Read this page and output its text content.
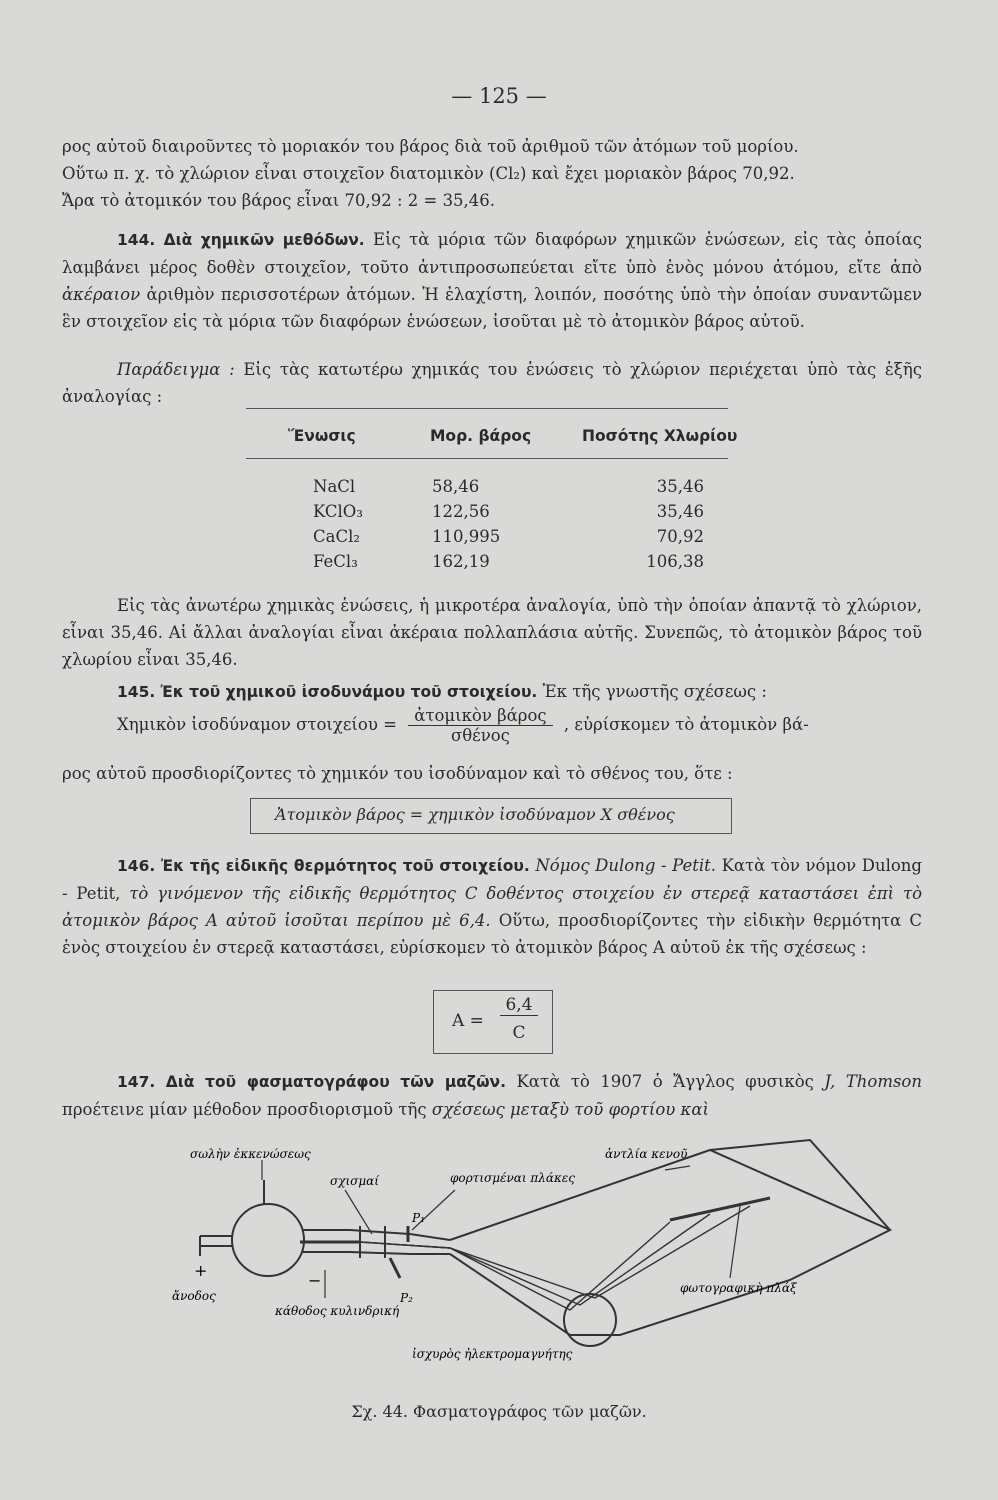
— 125 —
ρος αὐτοῦ διαιροῦντες τὸ μοριακόν του βάρος διὰ τοῦ ἀριθμοῦ τῶν ἀτόμων τοῦ μορίου.
Οὕτω π. χ. τὸ χλώριον εἶναι στοιχεῖον διατομικὸν (Cl₂) καὶ ἔχει μοριακὸν βάρος 70,92.
Ἄρα τὸ ἀτομικόν του βάρος εἶναι 70,92 : 2 = 35,46.
144. Διὰ χημικῶν μεθόδων. Εἰς τὰ μόρια τῶν διαφόρων χημικῶν ἑνώσεων, εἰς τὰς ὁποίας λαμβάνει μέρος δοθὲν στοιχεῖον, τοῦτο ἀντιπροσωπεύεται εἴτε ὑπὸ ἑνὸς μόνου ἀτόμου, εἴτε ἀπὸ ἀκέραιον ἀριθμὸν περισσοτέρων ἀτόμων. Ἡ ἐλαχίστη, λοιπόν, ποσότης ὑπὸ τὴν ὁποίαν συναντῶμεν ἓν στοιχεῖον εἰς τὰ μόρια τῶν διαφόρων ἑνώσεων, ἰσοῦται μὲ τὸ ἀτομικὸν βάρος αὐτοῦ.
Παράδειγμα : Εἰς τὰς κατωτέρω χημικάς του ἑνώσεις τὸ χλώριον περιέχεται ὑπὸ τὰς ἑξῆς ἀναλογίας :
Ἕνωσις	Μορ. βάρος	Ποσότης Χλωρίου
NaCl	58,46	35,46
KClO₃	122,56	35,46
CaCl₂	110,995	70,92
FeCl₃	162,19	106,38
Εἰς τὰς ἀνωτέρω χημικὰς ἑνώσεις, ἡ μικροτέρα ἀναλογία, ὑπὸ τὴν ὁποίαν ἀπαντᾷ τὸ χλώριον, εἶναι 35,46. Αἱ ἄλλαι ἀναλογίαι εἶναι ἀκέραια πολλαπλάσια αὐτῆς. Συνεπῶς, τὸ ἀτομικὸν βάρος τοῦ χλωρίου εἶναι 35,46.
145. Ἐκ τοῦ χημικοῦ ἰσοδυνάμου τοῦ στοιχείου. Ἐκ τῆς γνωστῆς σχέσεως :
Χημικὸν ἰσοδύναμον $\sigma\tau o\iota\chi\varepsilon ίo\upsilon = \frac{\text{ἀτομικὸν βάρος}}{\text{σθένος}}$ , εὑρίσκομεν τὸ ἀτομικὸν βά-
ρος αὐτοῦ προσδιορίζοντες τὸ χημικόν του ἰσοδύναμον καὶ τὸ σθένος του, ὅτε :
Ἀτομικὸν βάρος = χημικὸν ἰσοδύναμον Χ σθένος
146. Ἐκ τῆς εἰδικῆς θερμότητος τοῦ στοιχείου. Νόμος Dulong - Petit. Κατὰ τὸν νόμον Dulong - Petit, τὸ γινόμενον τῆς εἰδικῆς θερμότητος C δοθέντος στοιχείου ἐν στερεᾷ καταστάσει ἐπὶ τὸ ἀτομικὸν βάρος A αὐτοῦ ἰσοῦται περίπου μὲ 6,4. Οὕτω, προσδιορίζοντες τὴν εἰδικὴν θερμότητα C ἑνὸς στοιχείου ἐν στερεᾷ καταστάσει, εὑρίσκομεν τὸ ἀτομικὸν βάρος A αὐτοῦ ἐκ τῆς σχέσεως :
A =
6,4
C
147. Διὰ τοῦ φασματογράφου τῶν μαζῶν. Κατὰ τὸ 1907 ὁ Ἄγγλος φυσικὸς J, Thomson προέτεινε μίαν μέθοδον προσδιορισμοῦ τῆς σχέσεως μεταξὺ τοῦ φορτίου καὶ
σωλὴν ἐκκενώσεως
σχισμαί	φορτισμέναι πλάκες
ἀντλία κενοῦ
P₁
P₂
+
−
ἄνοδος
κάθοδος κυλινδρική
ἰσχυρὸς ἠλεκτρομαγνήτης
φωτογραφικὴ πλάξ
Σχ. 44. Φασματογράφος τῶν μαζῶν.
